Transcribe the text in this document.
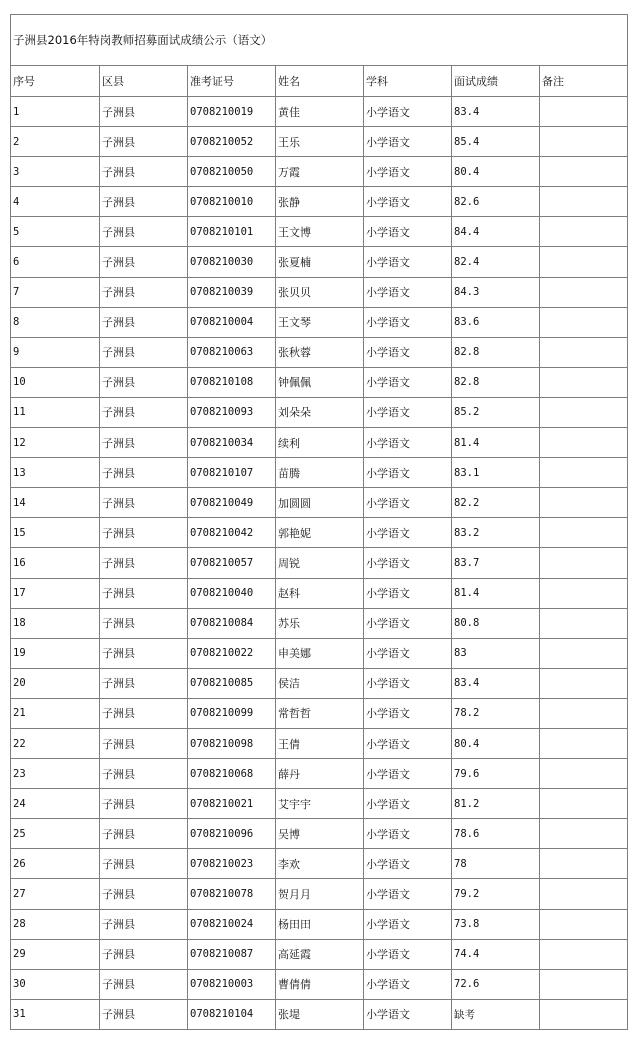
子洲县2016年特岗教师招募面试成绩公示（语文）						
序号	区县	准考证号	姓名	学科	面试成绩	备注
1	子洲县	0708210019	黄佳	小学语文	83.4	
2	子洲县	0708210052	王乐	小学语文	85.4	
3	子洲县	0708210050	万霞	小学语文	80.4	
4	子洲县	0708210010	张静	小学语文	82.6	
5	子洲县	0708210101	王文博	小学语文	84.4	
6	子洲县	0708210030	张夏楠	小学语文	82.4	
7	子洲县	0708210039	张贝贝	小学语文	84.3	
8	子洲县	0708210004	王文琴	小学语文	83.6	
9	子洲县	0708210063	张秋蓉	小学语文	82.8	
10	子洲县	0708210108	钟佩佩	小学语文	82.8	
11	子洲县	0708210093	刘朵朵	小学语文	85.2	
12	子洲县	0708210034	续利	小学语文	81.4	
13	子洲县	0708210107	苗腾	小学语文	83.1	
14	子洲县	0708210049	加圆圆	小学语文	82.2	
15	子洲县	0708210042	郭艳妮	小学语文	83.2	
16	子洲县	0708210057	周锐	小学语文	83.7	
17	子洲县	0708210040	赵科	小学语文	81.4	
18	子洲县	0708210084	苏乐	小学语文	80.8	
19	子洲县	0708210022	申美娜	小学语文	83	
20	子洲县	0708210085	侯洁	小学语文	83.4	
21	子洲县	0708210099	常哲哲	小学语文	78.2	
22	子洲县	0708210098	王倩	小学语文	80.4	
23	子洲县	0708210068	薛丹	小学语文	79.6	
24	子洲县	0708210021	艾宇宇	小学语文	81.2	
25	子洲县	0708210096	吴博	小学语文	78.6	
26	子洲县	0708210023	李欢	小学语文	78	
27	子洲县	0708210078	贺月月	小学语文	79.2	
28	子洲县	0708210024	杨田田	小学语文	73.8	
29	子洲县	0708210087	高延霞	小学语文	74.4	
30	子洲县	0708210003	曹倩倩	小学语文	72.6	
31	子洲县	0708210104	张堤	小学语文	缺考	
